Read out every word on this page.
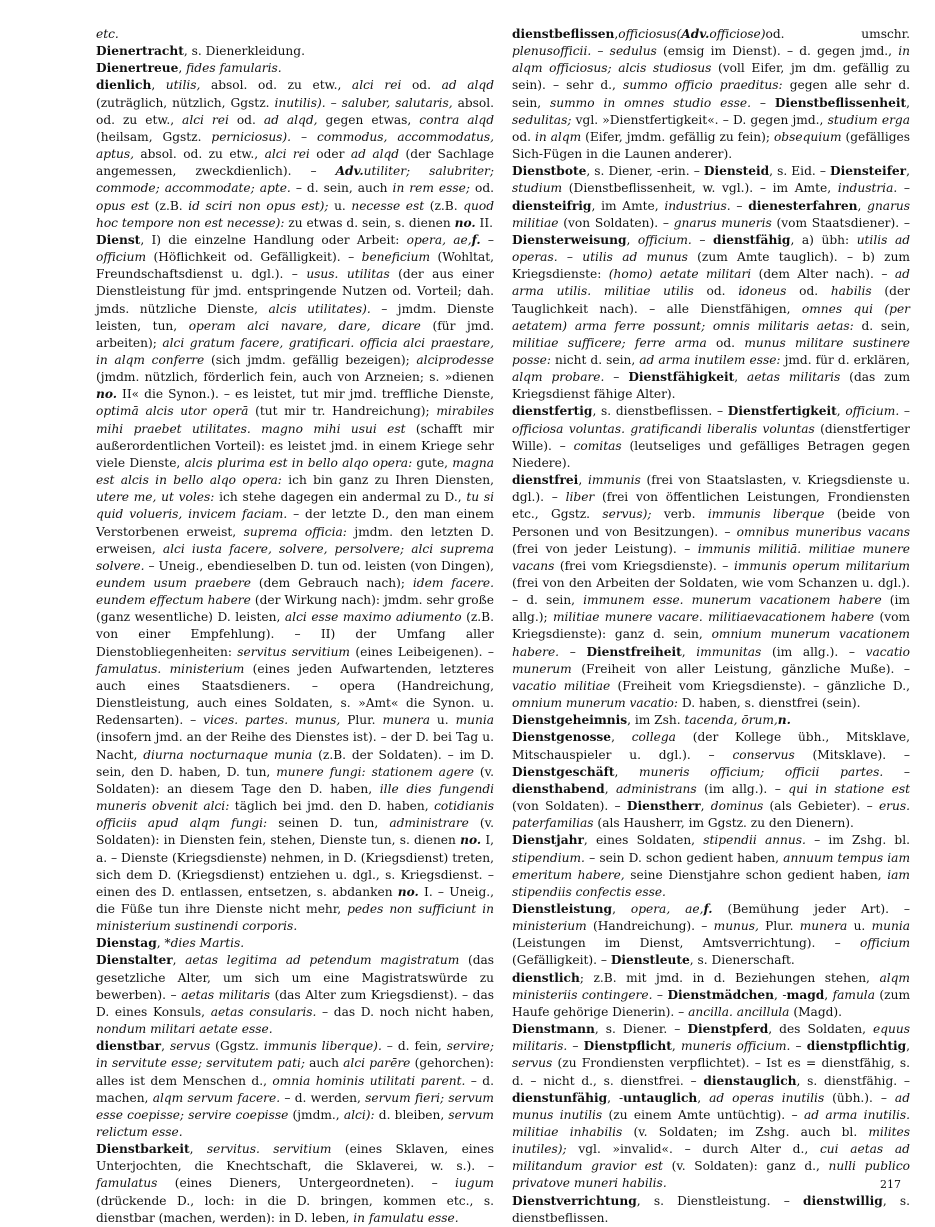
etc.

Dienertracht, s. Dienerkleidung.

Dienertreue, fides famularis.

dienlich, utilis, absol. od. zu etw., alci rei od. ad alqd (zuträglich, nützlich, Ggstz. inutilis). – saluber, salutaris, absol. od. zu etw., alci rei od. ad alqd, gegen etwas, contra alqd (heilsam, Ggstz. perniciosus). – commodus, accommodatus, aptus, absol. od. zu etw., alci rei oder ad alqd (der Sachlage angemessen, zweckdienlich). – Adv.utiliter; salubriter; commode; accommodate; apte. – d. sein, auch in rem esse; od. opus est (z.B. id sciri non opus est); u. necesse est (z.B. quod hoc tempore non est necesse): zu etwas d. sein, s. dienen no. II.

Dienst, I) die einzelne Handlung oder Arbeit: opera, ae,f. – officium (Höflichkeit od. Gefälligkeit). – beneficium (Wohltat, Freundschaftsdienst u. dgl.). – usus. utilitas (der aus einer Dienstleistung für jmd. entspringende Nutzen od. Vorteil; dah. jmds. nützliche Dienste, alcis utilitates). – jmdm. Dienste leisten, tun, operam alci navare, dare, dicare (für jmd. arbeiten); alci gratum facere, gratificari. officia alci praestare, in alqm conferre (sich jmdm. gefällig bezeigen); alciprodesse (jmdm. nützlich, förderlich fein, auch von Arzneien; s. »dienen no. II« die Synon.). – es leistet, tut mir jmd. treffliche Dienste, optimā alcis utor operā (tut mir tr. Handreichung); mirabiles mihi praebet utilitates. magno mihi usui est (schafft mir außerordentlichen Vorteil): es leistet jmd. in einem Kriege sehr viele Dienste, alcis plurima est in bello alqo opera: gute, magna est alcis in bello alqo opera: ich bin ganz zu Ihren Diensten, utere me, ut voles: ich stehe dagegen ein andermal zu D., tu si quid volueris, invicem faciam. – der letzte D., den man einem Verstorbenen erweist, suprema officia: jmdm. den letzten D. erweisen, alci iusta facere, solvere, persolvere; alci suprema solvere. – Uneig., ebendieselben D. tun od. leisten (von Dingen), eundem usum praebere (dem Gebrauch nach); idem facere. eundem effectum habere (der Wirkung nach): jmdm. sehr große (ganz wesentliche) D. leisten, alci esse maximo adiumento (z.B. von einer Empfehlung). – II) der Umfang aller Dienstobliegenheiten: servitus servitium (eines Leibeigenen). – famulatus. ministerium (eines jeden Aufwartenden, letzteres auch eines Staatsdieners. – opera (Handreichung, Dienstleistung, auch eines Soldaten, s. »Amt« die Synon. u. Redensarten). – vices. partes. munus, Plur. munera u. munia (insofern jmd. an der Reihe des Dienstes ist). – der D. bei Tag u. Nacht, diurna nocturnaque munia (z.B. der Soldaten). – im D. sein, den D. haben, D. tun, munere fungi: stationem agere (v. Soldaten): an diesem Tage den D. haben, ille dies fungendi muneris obvenit alci: täglich bei jmd. den D. haben, cotidianis officiis apud alqm fungi: seinen D. tun, administrare (v. Soldaten): in Diensten fein, stehen, Dienste tun, s. dienen no. I, a. – Dienste (Kriegsdienste) nehmen, in D. (Kriegsdienst) treten, sich dem D. (Kriegsdienst) entziehen u. dgl., s. Kriegsdienst. – einen des D. entlassen, entsetzen, s. abdanken no. I. – Uneig., die Füße tun ihre Dienste nicht mehr, pedes non sufficiunt in ministerium sustinendi corporis.

Dienstag, *dies Martis.

Dienstalter, aetas legitima ad petendum magistratum (das gesetzliche Alter, um sich um eine Magistratswürde zu bewerben). – aetas militaris (das Alter zum Kriegsdienst). – das D. eines Konsuls, aetas consularis. – das D. noch nicht haben, nondum militari aetate esse.

dienstbar, servus (Ggstz. immunis liberque). – d. fein, servire; in servitute esse; servitutem pati; auch alci parēre (gehorchen): alles ist dem Menschen d., omnia hominis utilitati parent. – d. machen, alqm servum facere. – d. werden, servum fieri; servum esse coepisse; servire coepisse (jmdm., alci): d. bleiben, servum relictum esse.

Dienstbarkeit, servitus. servitium (eines Sklaven, eines Unterjochten, die Knechtschaft, die Sklaverei, w. s.). – famulatus (eines Dieners, Untergeordneten). – iugum (drückende D., loch: in die D. bringen, kommen etc., s. dienstbar (machen, werden): in D. leben, in famulatu esse.

dienstbeflissen,officiosus(Adv.officiose)od. umschr. plenusofficii. – sedulus (emsig im Dienst). – d. gegen jmd., in alqm officiosus; alcis studiosus (voll Eifer, jm dm. gefällig zu sein). – sehr d., summo officio praeditus: gegen alle sehr d. sein, summo in omnes studio esse. – Dienstbeflissenheit, sedulitas; vgl. »Dienstfertigkeit«. – D. gegen jmd., studium erga od. in alqm (Eifer, jmdm. gefällig zu fein); obsequium (gefälliges Sich-Fügen in die Launen anderer).

Dienstbote, s. Diener, -erin. – Diensteid, s. Eid. – Diensteifer, studium (Dienstbeflissenheit, w. vgl.). – im Amte, industria. – diensteifrig, im Amte, industrius. – dienesterfahren, gnarus militiae (von Soldaten). – gnarus muneris (vom Staatsdiener). – Diensterweisung, officium. – dienstfähig, a) übh: utilis ad operas. – utilis ad munus (zum Amte tauglich). – b) zum Kriegsdienste: (homo) aetate militari (dem Alter nach). – ad arma utilis. militiae utilis od. idoneus od. habilis (der Tauglichkeit nach). – alle Dienstfähigen, omnes qui (per aetatem) arma ferre possunt; omnis militaris aetas: d. sein, militiae sufficere; ferre arma od. munus militare sustinere posse: nicht d. sein, ad arma inutilem esse: jmd. für d. erklären, alqm probare. – Dienstfähigkeit, aetas militaris (das zum Kriegsdienst fähige Alter).

dienstfertig, s. dienstbeflissen. – Dienstfertigkeit, officium. – officiosa voluntas. gratificandi liberalis voluntas (dienstfertiger Wille). – comitas (leutseliges und gefälliges Betragen gegen Niedere).

dienstfrei, immunis (frei von Staatslasten, v. Kriegsdienste u. dgl.). – liber (frei von öffentlichen Leistungen, Frondiensten etc., Ggstz. servus); verb. immunis liberque (beide von Personen und von Besitzungen). – omnibus muneribus vacans (frei von jeder Leistung). – immunis militiā. militiae munere vacans (frei vom Kriegsdienste). – immunis operum militarium (frei von den Arbeiten der Soldaten, wie vom Schanzen u. dgl.). – d. sein, immunem esse. munerum vacationem habere (im allg.); militiae munere vacare. militiaevacationem habere (vom Kriegsdienste): ganz d. sein, omnium munerum vacationem habere. – Dienstfreiheit, immunitas (im allg.). – vacatio munerum (Freiheit von aller Leistung, gänzliche Muße). – vacatio militiae (Freiheit vom Kriegsdienste). – gänzliche D., omnium munerum vacatio: D. haben, s. dienstfrei (sein).

Dienstgeheimnis, im Zsh. tacenda, ōrum,n.

Dienstgenosse, collega (der Kollege übh., Mitsklave, Mitschauspieler u. dgl.). – conservus (Mitsklave). – Dienstgeschäft, muneris officium; officii partes. – diensthabend, administrans (im allg.). – qui in statione est (von Soldaten). – Dienstherr, dominus (als Gebieter). – erus. paterfamilias (als Hausherr, im Ggstz. zu den Dienern).

Dienstjahr, eines Soldaten, stipendii annus. – im Zshg. bl. stipendium. – sein D. schon gedient haben, annuum tempus iam emeritum habere, seine Dienstjahre schon gedient haben, iam stipendiis confectis esse.

Dienstleistung, opera, ae,f. (Bemühung jeder Art). – ministerium (Handreichung). – munus, Plur. munera u. munia (Leistungen im Dienst, Amtsverrichtung). – officium (Gefälligkeit). – Dienstleute, s. Dienerschaft.

dienstlich; z.B. mit jmd. in d. Beziehungen stehen, alqm ministeriis contingere. – Dienstmädchen, -magd, famula (zum Haufe gehörige Dienerin). – ancilla. ancillula (Magd).

Dienstmann, s. Diener. – Dienstpferd, des Soldaten, equus militaris. – Dienstpflicht, muneris officium. – dienstpflichtig, servus (zu Frondiensten verpflichtet). – Ist es = dienstfähig, s. d. – nicht d., s. dienstfrei. – dienstauglich, s. dienstfähig. – dienstunfähig, -untauglich, ad operas inutilis (übh.). – ad munus inutilis (zu einem Amte untüchtig). – ad arma inutilis. militiae inhabilis (v. Soldaten; im Zshg. auch bl. milites inutiles); vgl. »invalid«. – durch Alter d., cui aetas ad militandum gravior est (v. Soldaten): ganz d., nulli publico privatove muneri habilis.

Dienstverrichtung, s. Dienstleistung. – dienstwillig, s. dienstbeflissen.

217
